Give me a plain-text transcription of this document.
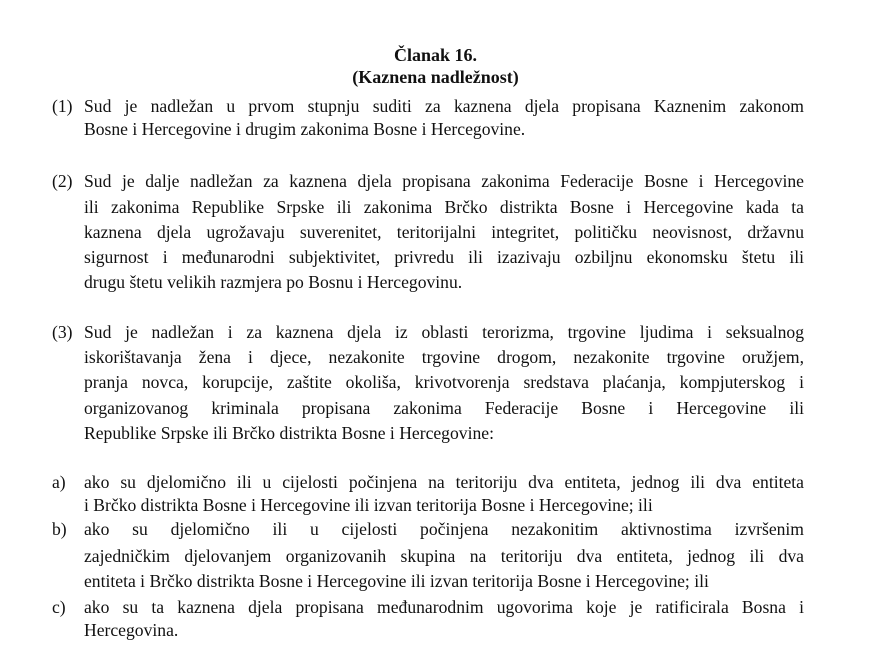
Članak 16.
(Kaznena nadležnost)
(1) Sud je nadležan u prvom stupnju suditi za kaznena djela propisana Kaznenim zakonom
Bosne i Hercegovine i drugim zakonima Bosne i Hercegovine.
(2) Sud je dalje nadležan za kaznena djela propisana zakonima Federacije Bosne i Hercegovine
ili zakonima Republike Srpske ili zakonima Brčko distrikta Bosne i Hercegovine kada ta
kaznena djela ugrožavaju suverenitet, teritorijalni integritet, političku neovisnost, državnu
sigurnost i međunarodni subjektivitet, privredu ili izazivaju ozbiljnu ekonomsku štetu ili
drugu štetu velikih razmjera po Bosnu i Hercegovinu.
(3) Sud je nadležan i za kaznena djela iz oblasti terorizma, trgovine ljudima i seksualnog
iskorištavanja žena i djece, nezakonite trgovine drogom, nezakonite trgovine oružjem,
pranja novca, korupcije, zaštite okoliša, krivotvorenja sredstava plaćanja, kompjuterskog i
organizovanog kriminala propisana zakonima Federacije Bosne i Hercegovine ili
Republike Srpske ili Brčko distrikta Bosne i Hercegovine:
a) ako su djelomično ili u cijelosti počinjena na teritoriju dva entiteta, jednog ili dva entiteta
i Brčko distrikta Bosne i Hercegovine ili izvan teritorija Bosne i Hercegovine; ili
b) ako su djelomično ili u cijelosti počinjena nezakonitim aktivnostima izvršenim
zajedničkim djelovanjem organizovanih skupina na teritoriju dva entiteta, jednog ili dva
entiteta i Brčko distrikta Bosne i Hercegovine ili izvan teritorija Bosne i Hercegovine; ili
c) ako su ta kaznena djela propisana međunarodnim ugovorima koje je ratificirala Bosna i
Hercegovina.
